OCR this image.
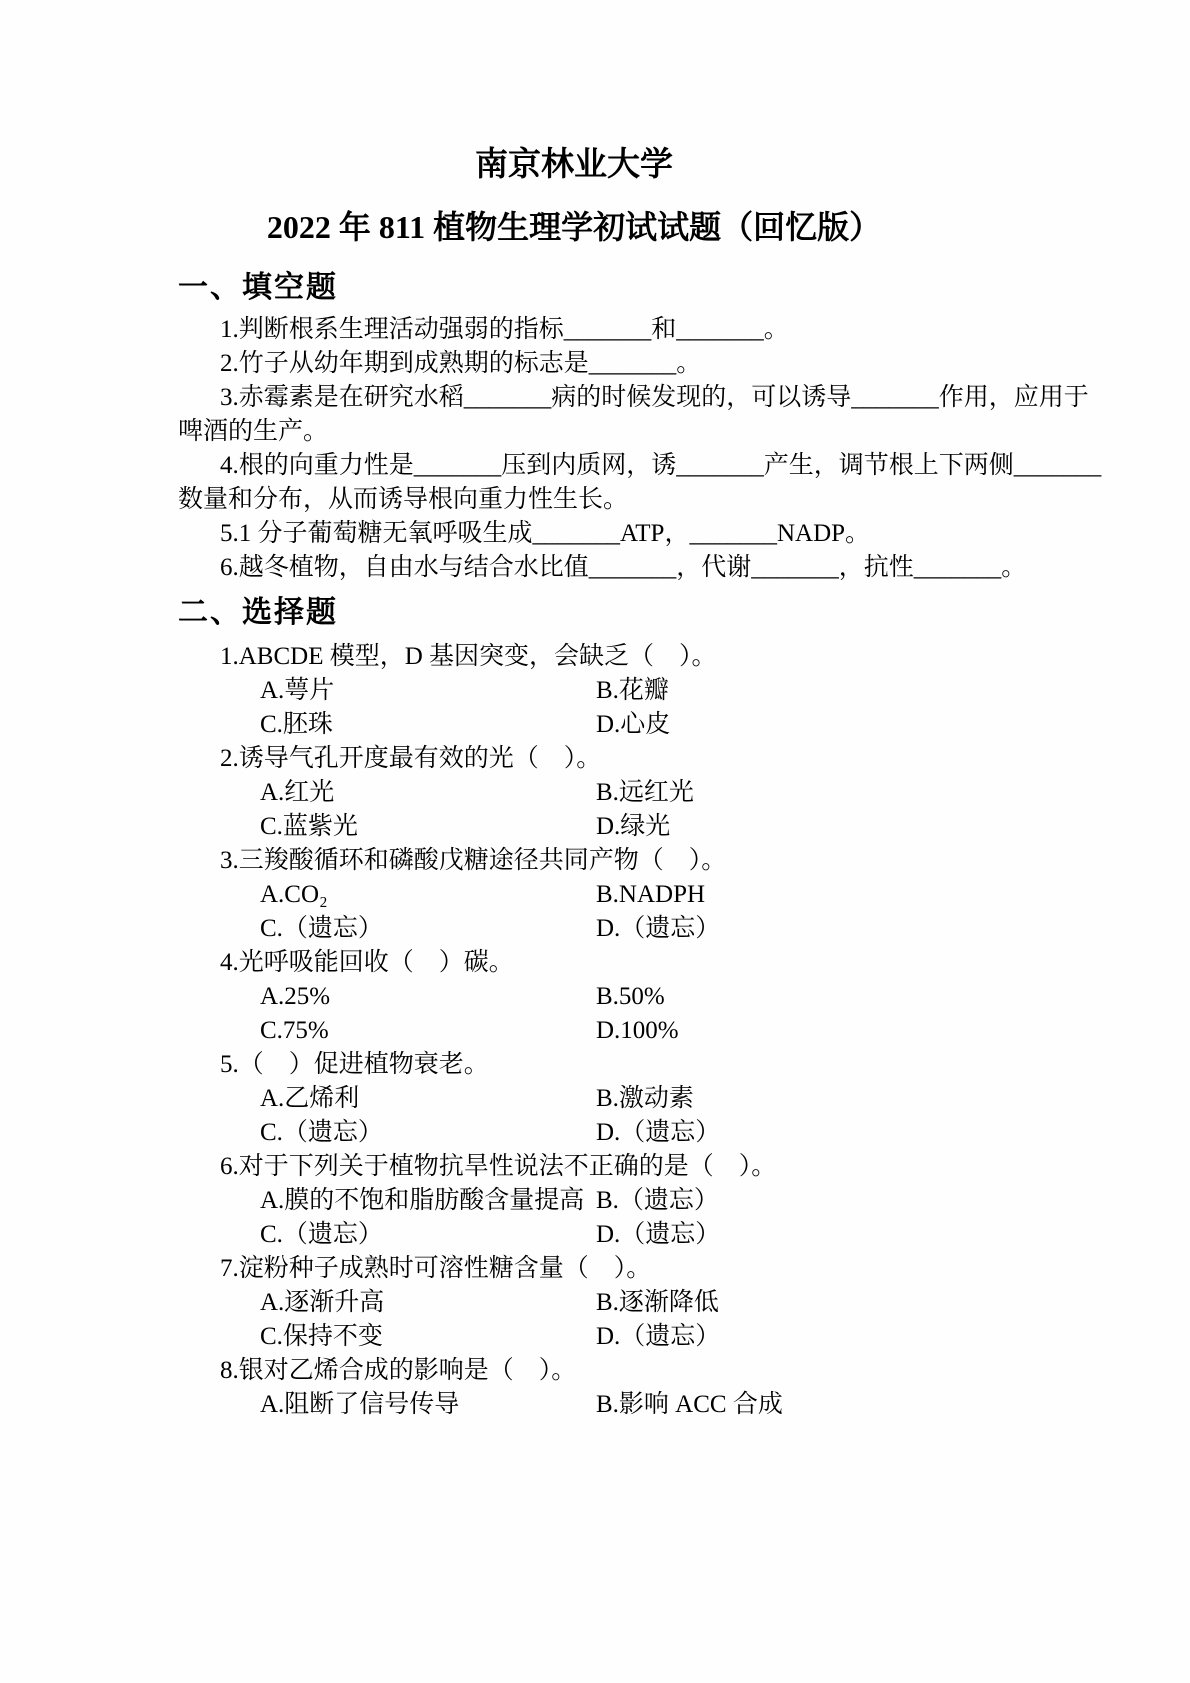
南京林业大学
2022 年 811 植物生理学初试试题（回忆版）
一、填空题
1.判断根系生理活动强弱的指标_______和_______。
2.竹子从幼年期到成熟期的标志是_______。
3.赤霉素是在研究水稻_______病的时候发现的，可以诱导_______作用，应用于
啤酒的生产。
4.根的向重力性是_______压到内质网，诱_______产生，调节根上下两侧_______
数量和分布，从而诱导根向重力性生长。
5.1 分子葡萄糖无氧呼吸生成_______ATP，_______NADP。
6.越冬植物，自由水与结合水比值_______，代谢_______，抗性_______。
二、选择题
1.ABCDE 模型，D 基因突变，会缺乏（　）。
A.萼片	B.花瓣
C.胚珠	D.心皮
2.诱导气孔开度最有效的光（　）。
A.红光	B.远红光
C.蓝紫光	D.绿光
3.三羧酸循环和磷酸戊糖途径共同产物（　）。
A.CO₂	B.NADPH
C.（遗忘）	D.（遗忘）
4.光呼吸能回收（　）碳。
A.25%	B.50%
C.75%	D.100%
5.（　）促进植物衰老。
A.乙烯利	B.激动素
C.（遗忘）	D.（遗忘）
6.对于下列关于植物抗旱性说法不正确的是（　）。
A.膜的不饱和脂肪酸含量提高 B.（遗忘）
C.（遗忘）	D.（遗忘）
7.淀粉种子成熟时可溶性糖含量（　）。
A.逐渐升高	B.逐渐降低
C.保持不变	D.（遗忘）
8.银对乙烯合成的影响是（　）。
A.阻断了信号传导	B.影响 ACC 合成
